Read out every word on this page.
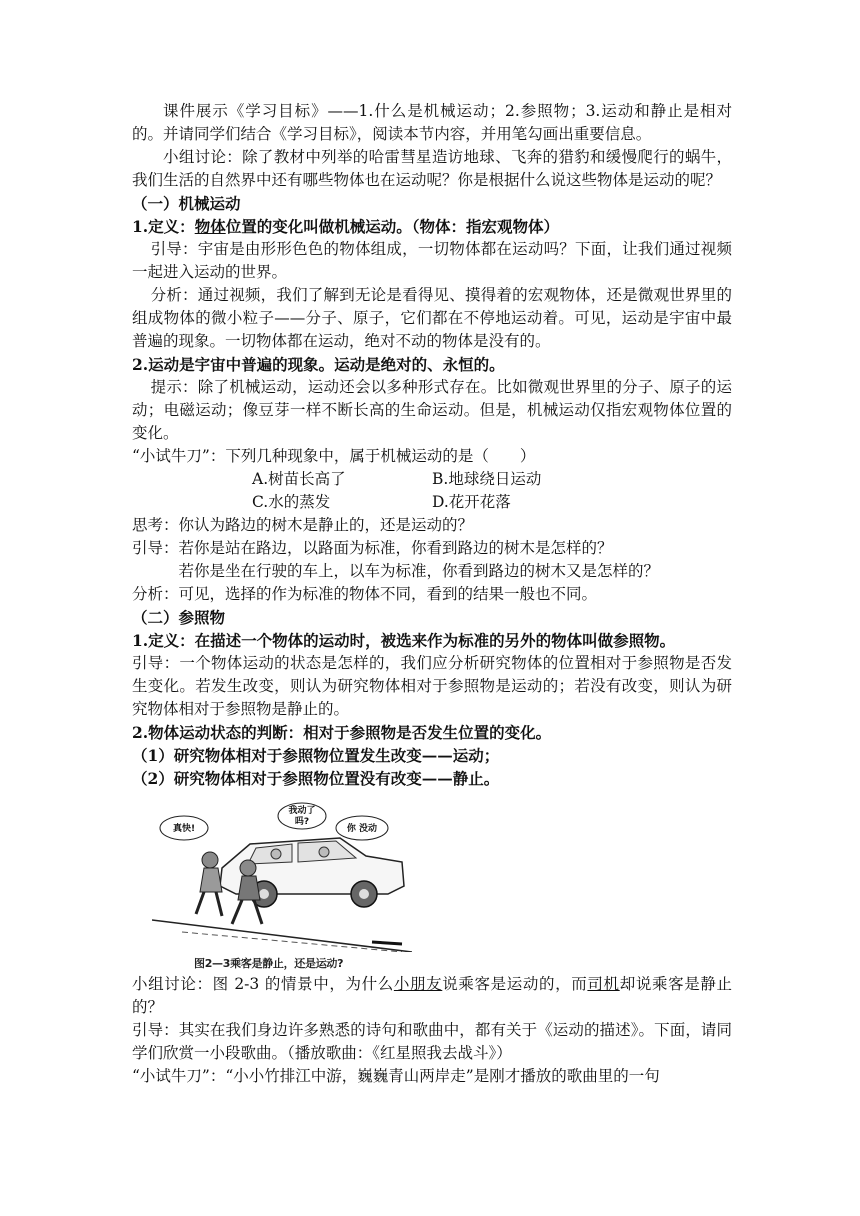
课件展示《学习目标》——1.什么是机械运动；2.参照物；3.运动和静止是相对的。并请同学们结合《学习目标》，阅读本节内容，并用笔勾画出重要信息。

小组讨论：除了教材中列举的哈雷彗星造访地球、飞奔的猎豹和缓慢爬行的蜗牛，我们生活的自然界中还有哪些物体也在运动呢？你是根据什么说这些物体是运动的呢？

（一）机械运动

1.定义：物体位置的变化叫做机械运动。（物体：指宏观物体）

引导：宇宙是由形形色色的物体组成，一切物体都在运动吗？下面，让我们通过视频一起进入运动的世界。

分析：通过视频，我们了解到无论是看得见、摸得着的宏观物体，还是微观世界里的组成物体的微小粒子——分子、原子，它们都在不停地运动着。可见，运动是宇宙中最普遍的现象。一切物体都在运动，绝对不动的物体是没有的。

2.运动是宇宙中普遍的现象。运动是绝对的、永恒的。

提示：除了机械运动，运动还会以多种形式存在。比如微观世界里的分子、原子的运动；电磁运动；像豆芽一样不断长高的生命运动。但是，机械运动仅指宏观物体位置的变化。

“小试牛刀”：下列几种现象中，属于机械运动的是（　　）

A.树苗长高了	B.地球绕日运动
C.水的蒸发	D.花开花落

思考：你认为路边的树木是静止的，还是运动的？

引导：若你是站在路边，以路面为标准，你看到路边的树木是怎样的？

若你是坐在行驶的车上，以车为标准，你看到路边的树木又是怎样的？

分析：可见，选择的作为标准的物体不同，看到的结果一般也不同。

（二）参照物

1.定义：在描述一个物体的运动时，被选来作为标准的另外的物体叫做参照物。

引导：一个物体运动的状态是怎样的，我们应分析研究物体的位置相对于参照物是否发生变化。若发生改变，则认为研究物体相对于参照物是运动的；若没有改变，则认为研究物体相对于参照物是静止的。

2.物体运动状态的判断：相对于参照物是否发生位置的变化。

（1）研究物体相对于参照物位置发生改变——运动；

（2）研究物体相对于参照物位置没有改变——静止。

真快!
我动了
吗?
你 没动
图2—3乘客是静止，还是运动?

小组讨论：图 2-3 的情景中，为什么小朋友说乘客是运动的，而司机却说乘客是静止的？

引导：其实在我们身边许多熟悉的诗句和歌曲中，都有关于《运动的描述》。下面，请同学们欣赏一小段歌曲。（播放歌曲：《红星照我去战斗》）

“小试牛刀”：“小小竹排江中游，巍巍青山两岸走”是刚才播放的歌曲里的一句
